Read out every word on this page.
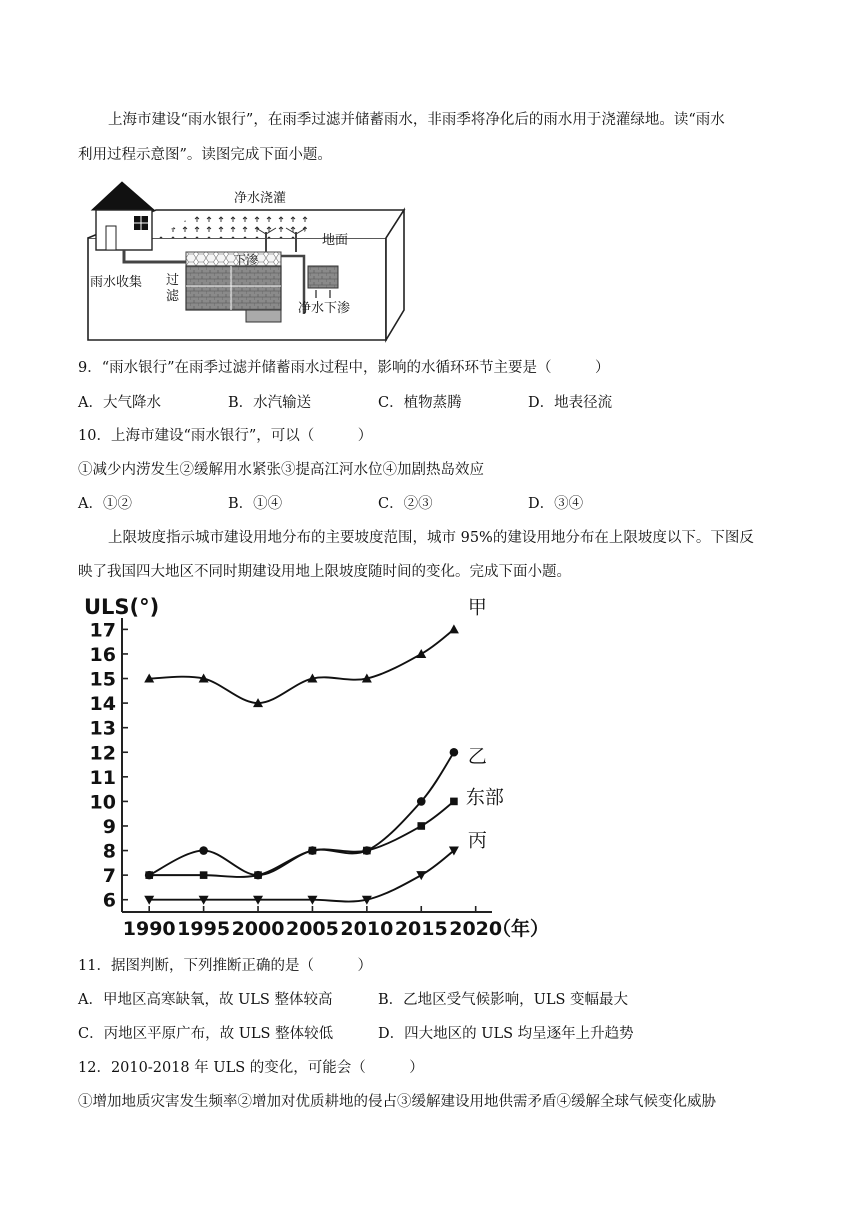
上海市建设“雨水银行”，在雨季过滤并储蓄雨水，非雨季将净化后的雨水用于浇灌绿地。读“雨水
利用过程示意图”。读图完成下面小题。
净水浇灌
地面
下渗
雨水收集 过
滤
净水下渗
9．“雨水银行”在雨季过滤并储蓄雨水过程中，影响的水循环环节主要是（　　　）
A．大气降水	B．水汽输送	C．植物蒸腾	D．地表径流
10．上海市建设“雨水银行”，可以（　　　）
①减少内涝发生②缓解用水紧张③提高江河水位④加剧热岛效应
A．①②	B．①④	C．②③	D．③④
上限坡度指示城市建设用地分布的主要坡度范围，城市 95%的建设用地分布在上限坡度以下。下图反
映了我国四大地区不同时期建设用地上限坡度随时间的变化。完成下面小题。
ULS(°)
（年）
17
16
15
14
13
12
11
10
9
8
7
6
1990 1995 2000 2005 2010 2015 2020
甲
乙
东部
丙
11．据图判断，下列推断正确的是（　　　）
A．甲地区高寒缺氧，故 ULS 整体较高	B．乙地区受气候影响，ULS 变幅最大
C．丙地区平原广布，故 ULS 整体较低	D．四大地区的 ULS 均呈逐年上升趋势
12．2010-2018 年 ULS 的变化，可能会（　　　）
①增加地质灾害发生频率②增加对优质耕地的侵占③缓解建设用地供需矛盾④缓解全球气候变化威胁
